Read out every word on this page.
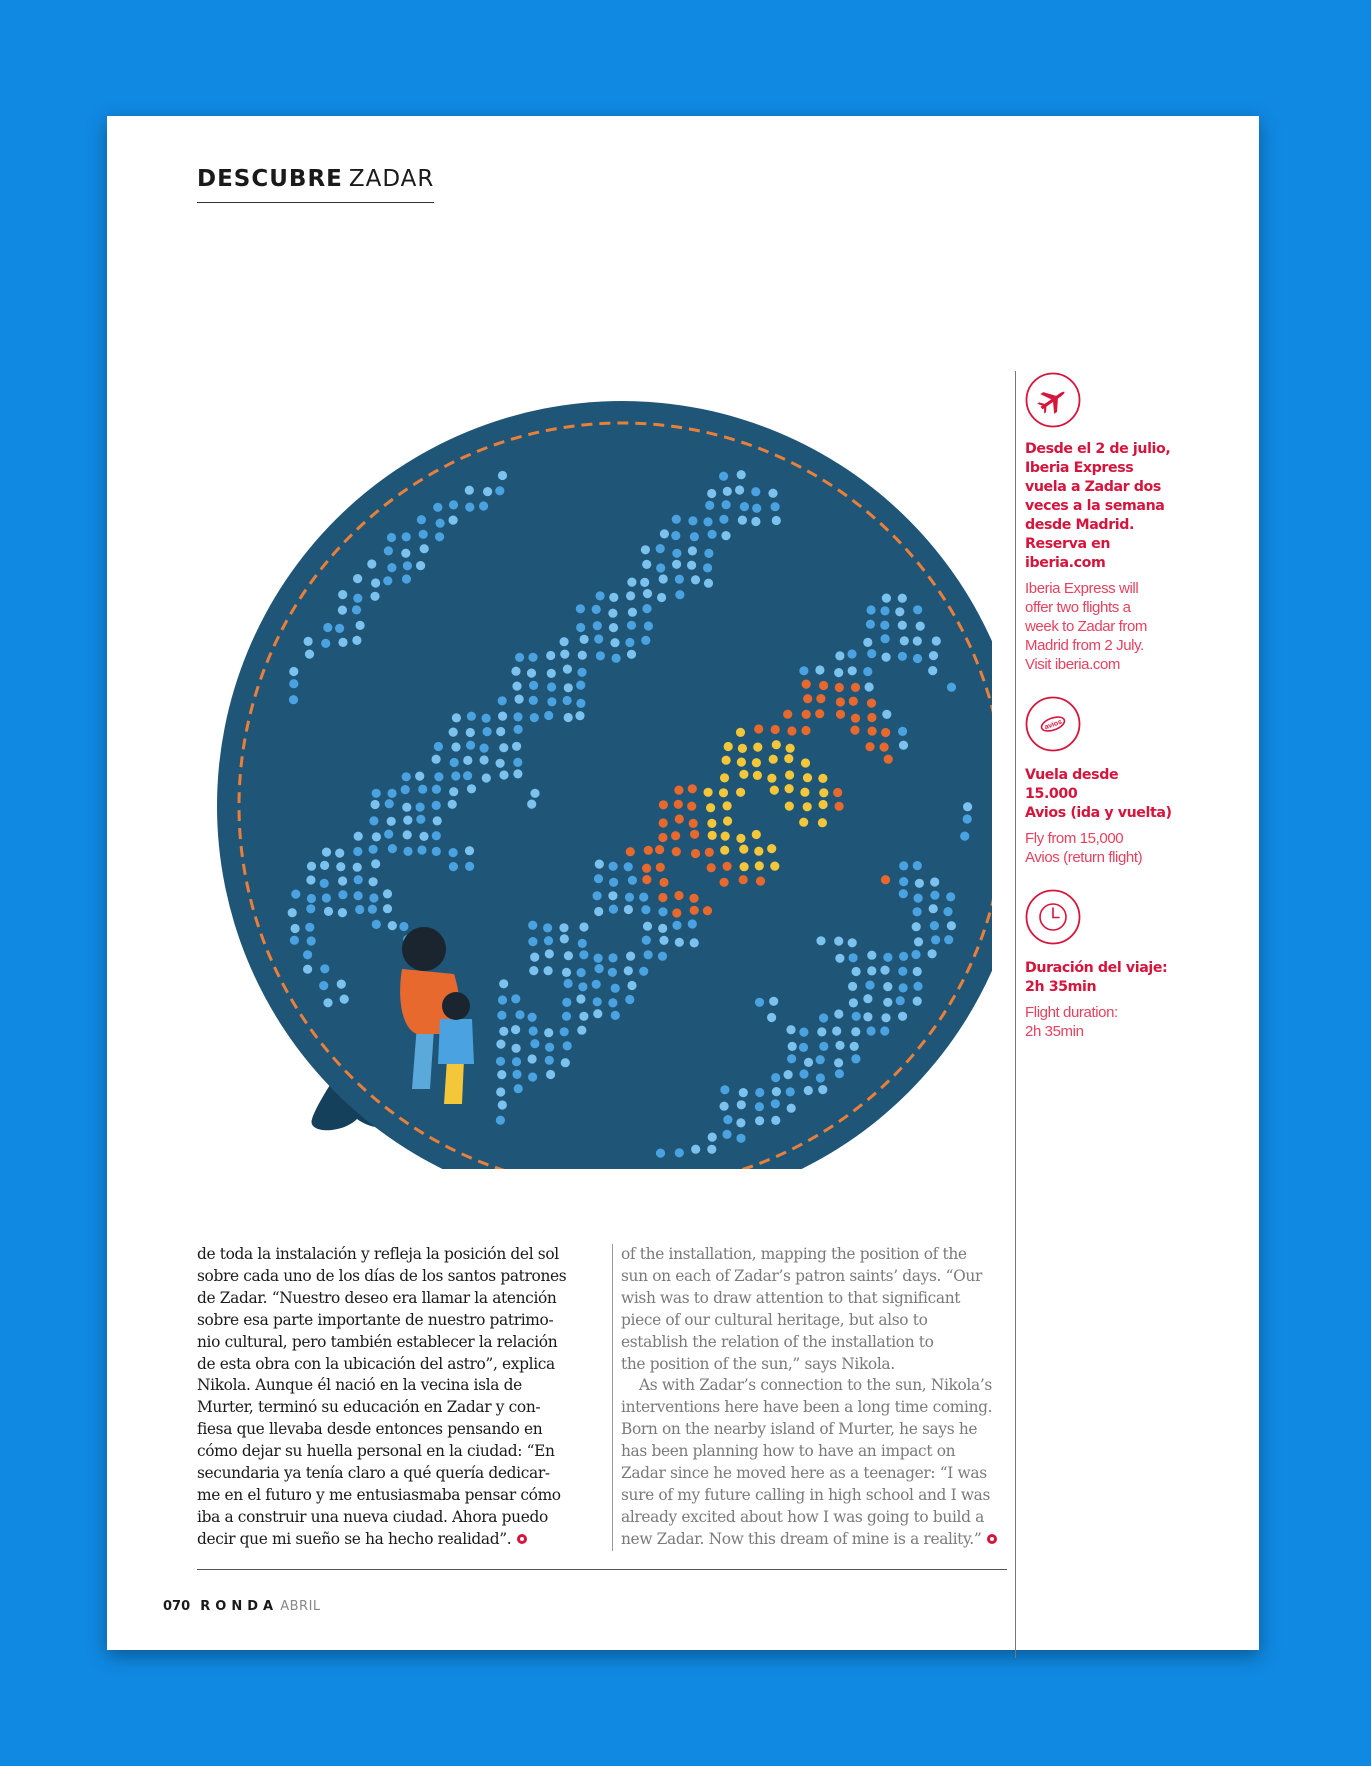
DESCUBRE ZADAR
Desde el 2 de julio,
Iberia Express
vuela a Zadar dos
veces a la semana
desde Madrid.
Reserva en
iberia.com
Iberia Express will
offer two flights a
week to Zadar from
Madrid from 2 July.
Visit iberia.com
avios
Vuela desde 15.000
Avios (ida y vuelta)
Fly from 15,000
Avios (return flight)
Duración del viaje:
2h 35min
Flight duration:
2h 35min
de toda la instalación y refleja la posición del sol
sobre cada uno de los días de los santos patrones
de Zadar. “Nuestro deseo era llamar la atención
sobre esa parte importante de nuestro patrimo-
nio cultural, pero también establecer la relación
de esta obra con la ubicación del astro”, explica
Nikola. Aunque él nació en la vecina isla de
Murter, terminó su educación en Zadar y con-
fiesa que llevaba desde entonces pensando en
cómo dejar su huella personal en la ciudad: “En
secundaria ya tenía claro a qué quería dedicar-
me en el futuro y me entusiasmaba pensar cómo
iba a construir una nueva ciudad. Ahora puedo
decir que mi sueño se ha hecho realidad”.
of the installation, mapping the position of the
sun on each of Zadar’s patron saints’ days. “Our
wish was to draw attention to that significant
piece of our cultural heritage, but also to
establish the relation of the installation to
the position of the sun,” says Nikola.
As with Zadar’s connection to the sun, Nikola’s
interventions here have been a long time coming.
Born on the nearby island of Murter, he says he
has been planning how to have an impact on
Zadar since he moved here as a teenager: “I was
sure of my future calling in high school and I was
already excited about how I was going to build a
new Zadar. Now this dream of mine is a reality.”
070 RONDA ABRIL
